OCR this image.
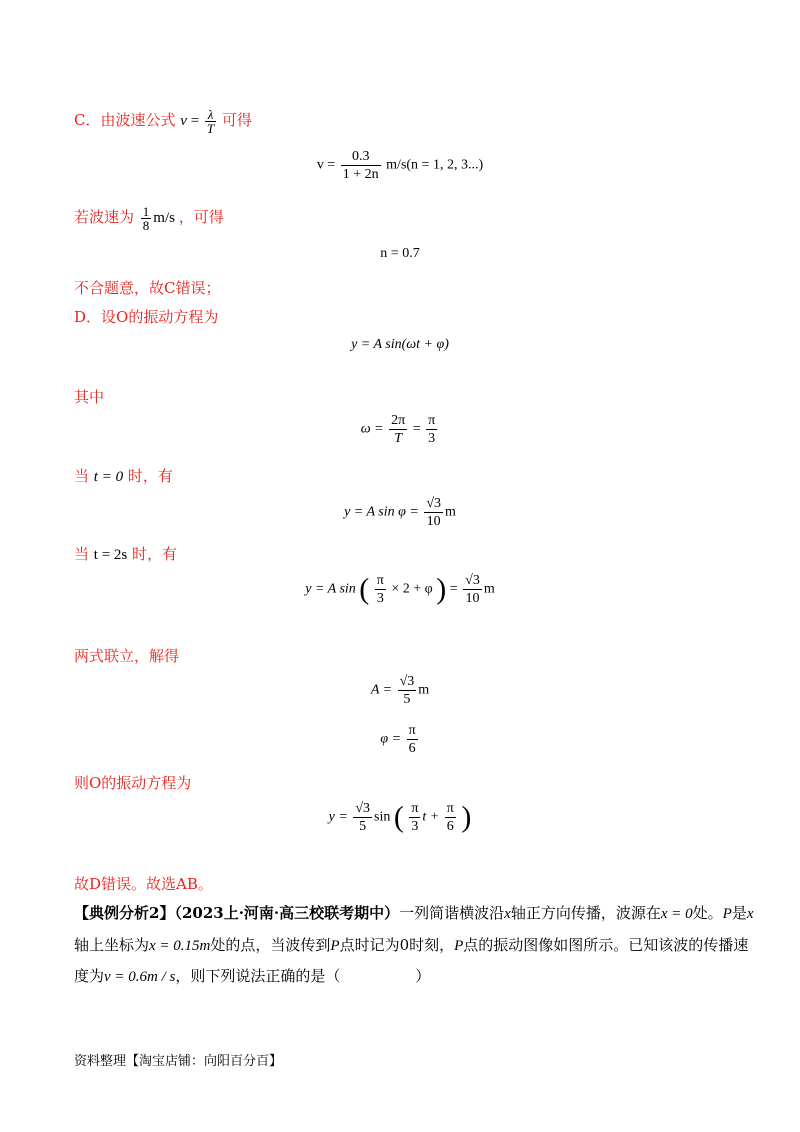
C．由波速公式 $v = \frac{\lambda}{T}$ 可得
$v = \frac{0.3}{1 + 2n} m/s(n = 1$, 2, 3...)
若波速为 $\frac{1}{8} m/s$ ，可得
n = 0.7
不合题意，故C错误；
D．设O的振动方程为
y = A sin(ωt + φ)
其中
$\omega = \frac{2\pi}{T} = \frac{\pi}{3}$
当 t = 0 时，有
y = A $\sin \varphi = \frac{√3}{10}$ m
当 t = 2s 时，有
y = A sin ( $\frac{\pi}{3} \times 2 + \varphi$ ) = $\frac{√3}{10}$ m
两式联立，解得
$A = \frac{√3}{5}$ m
$\varphi = \frac{\pi}{6}$
则O的振动方程为
$y = \frac{√3}{5}$ sin ( $\frac{\pi}{3}$ $t + \frac{\pi}{6}$ )
故D错误。故选AB。
【典例分析2】（2023上·河南·高三校联考期中）一列简谐横波沿x轴正方向传播，波源在x = 0处。P是x
轴上坐标为x = 0.15m处的点，当波传到P点时记为0时刻，P点的振动图像如图所示。已知该波的传播速
度为v = 0.6m / s，则下列说法正确的是（　　　　　）
资料整理【淘宝店铺：向阳百分百】
